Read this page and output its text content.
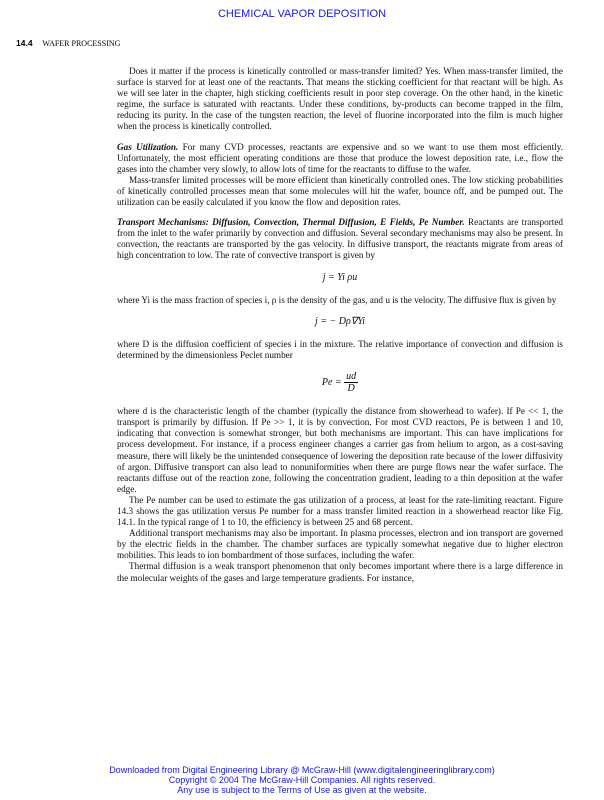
CHEMICAL VAPOR DEPOSITION
14.4 WAFER PROCESSING

Does it matter if the process is kinetically controlled or mass-transfer limited? Yes. When mass-transfer limited, the surface is starved for at least one of the reactants. That means the sticking coefficient for that reactant will be high. As we will see later in the chapter, high sticking coefficients result in poor step coverage. On the other hand, in the kinetic regime, the surface is saturated with reactants. Under these conditions, by-products can become trapped in the film, reducing its purity. In the case of the tungsten reaction, the level of fluorine incorporated into the film is much higher when the process is kinetically controlled.

Gas Utilization. For many CVD processes, reactants are expensive and so we want to use them most efficiently. Unfortunately, the most efficient operating conditions are those that produce the lowest deposition rate, i.e., flow the gases into the chamber very slowly, to allow lots of time for the reactants to diffuse to the wafer.

Mass-transfer limited processes will be more efficient than kinetically controlled ones. The low sticking probabilities of kinetically controlled processes mean that some molecules will hit the wafer, bounce off, and be pumped out. The utilization can be easily calculated if you know the flow and deposition rates.

Transport Mechanisms: Diffusion, Convection, Thermal Diffusion, E Fields, Pe Number. Reactants are transported from the inlet to the wafer primarily by convection and diffusion. Several secondary mechanisms may also be present. In convection, the reactants are transported by the gas velocity. In diffusive transport, the reactants migrate from areas of high concentration to low. The rate of convective transport is given by

j = Yi ρu

where Yi is the mass fraction of species i, ρ is the density of the gas, and u is the velocity. The diffusive flux is given by

j = − Dρ∇Yi

where D is the diffusion coefficient of species i in the mixture. The relative importance of convection and diffusion is determined by the dimensionless Peclet number

$Pe = \frac{ud}{D}$

where d is the characteristic length of the chamber (typically the distance from showerhead to wafer). If Pe << 1, the transport is primarily by diffusion. If Pe >> 1, it is by convection. For most CVD reactors, Pe is between 1 and 10, indicating that convection is somewhat stronger, but both mechanisms are important. This can have implications for process development. For instance, if a process engineer changes a carrier gas from helium to argon, as a cost-saving measure, there will likely be the unintended consequence of lowering the deposition rate because of the lower diffusivity of argon. Diffusive transport can also lead to nonuniformities when there are purge flows near the wafer surface. The reactants diffuse out of the reaction zone, following the concentration gradient, leading to a thin deposition at the wafer edge.

The Pe number can be used to estimate the gas utilization of a process, at least for the rate-limiting reactant. Figure 14.3 shows the gas utilization versus Pe number for a mass transfer limited reaction in a showerhead reactor like Fig. 14.1. In the typical range of 1 to 10, the efficiency is between 25 and 68 percent.

Additional transport mechanisms may also be important. In plasma processes, electron and ion transport are governed by the electric fields in the chamber. The chamber surfaces are typically somewhat negative due to higher electron mobilities. This leads to ion bombardment of those surfaces, including the wafer.

Thermal diffusion is a weak transport phenomenon that only becomes important where there is a large difference in the molecular weights of the gases and large temperature gradients. For instance,

Downloaded from Digital Engineering Library @ McGraw-Hill (www.digitalengineeringlibrary.com)
Copyright © 2004 The McGraw-Hill Companies. All rights reserved.
Any use is subject to the Terms of Use as given at the website.
